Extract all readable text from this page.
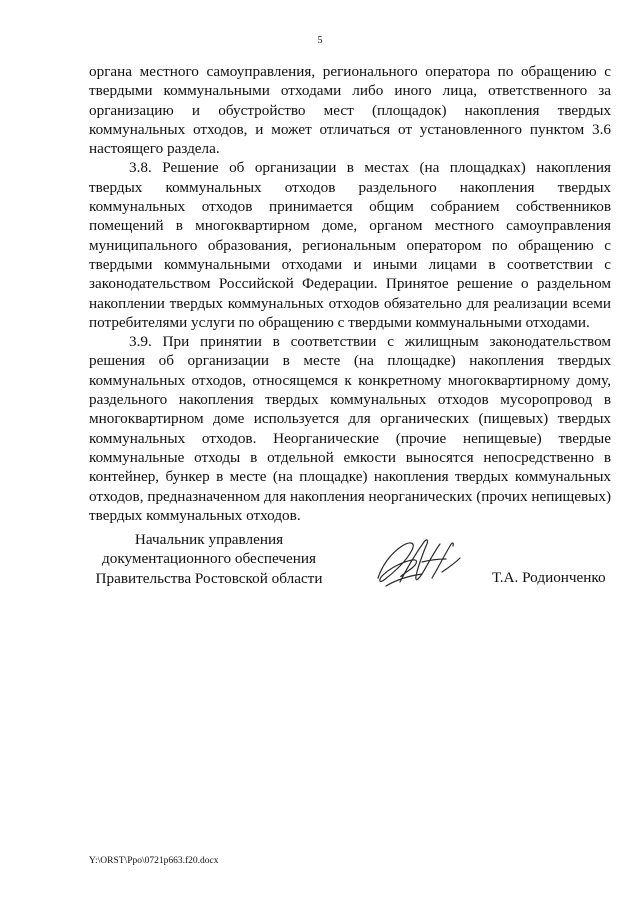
5

органа местного самоуправления, регионального оператора по обращению с твердыми коммунальными отходами либо иного лица, ответственного за организацию и обустройство мест (площадок) накопления твердых коммунальных отходов, и может отличаться от установленного пунктом 3.6 настоящего раздела.

3.8. Решение об организации в местах (на площадках) накопления твердых коммунальных отходов раздельного накопления твердых коммунальных отходов принимается общим собранием собственников помещений в многоквартирном доме, органом местного самоуправления муниципального образования, региональным оператором по обращению с твердыми коммунальными отходами и иными лицами в соответствии с законодательством Российской Федерации. Принятое решение о раздельном накоплении твердых коммунальных отходов обязательно для реализации всеми потребителями услуги по обращению с твердыми коммунальными отходами.

3.9. При принятии в соответствии с жилищным законодательством решения об организации в месте (на площадке) накопления твердых коммунальных отходов, относящемся к конкретному многоквартирному дому, раздельного накопления твердых коммунальных отходов мусоропровод в многоквартирном доме используется для органических (пищевых) твердых коммунальных отходов. Неорганические (прочие непищевые) твердые коммунальные отходы в отдельной емкости выносятся непосредственно в контейнер, бункер в месте (на площадке) накопления твердых коммунальных отходов, предназначенном для накопления неорганических (прочих непищевых) твердых коммунальных отходов.

Начальник управления
документационного обеспечения
Правительства Ростовской области	Т.А. Родионченко
Y:\ORST\Ppo\0721p663.f20.docx
